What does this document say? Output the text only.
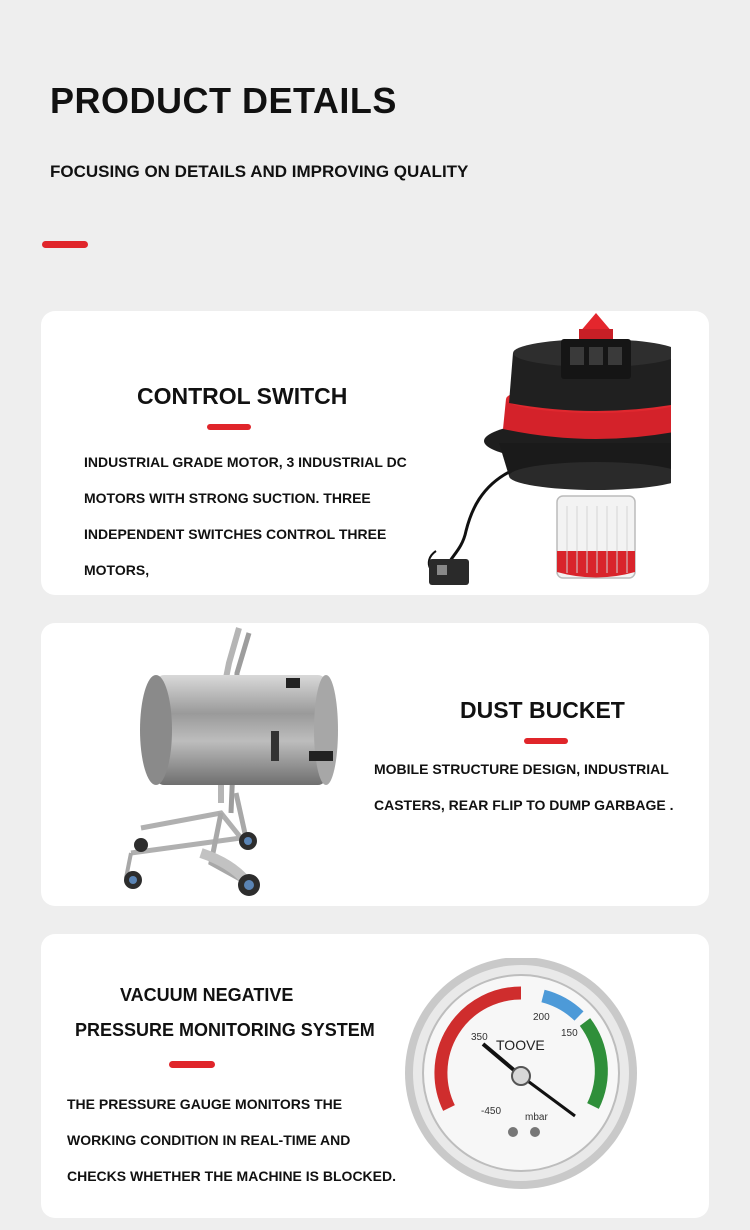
PRODUCT DETAILS
FOCUSING ON DETAILS AND IMPROVING QUALITY
CONTROL SWITCH
INDUSTRIAL GRADE MOTOR, 3 INDUSTRIAL DC
MOTORS WITH STRONG SUCTION. THREE
INDEPENDENT SWITCHES CONTROL THREE
MOTORS,
DUST BUCKET
MOBILE STRUCTURE DESIGN, INDUSTRIAL
CASTERS, REAR FLIP TO DUMP GARBAGE .
VACUUM NEGATIVE
PRESSURE MONITORING SYSTEM
THE PRESSURE GAUGE MONITORS THE
WORKING CONDITION IN REAL-TIME AND
CHECKS WHETHER THE MACHINE IS BLOCKED.
350
200
150
-450
TOOVE
mbar
